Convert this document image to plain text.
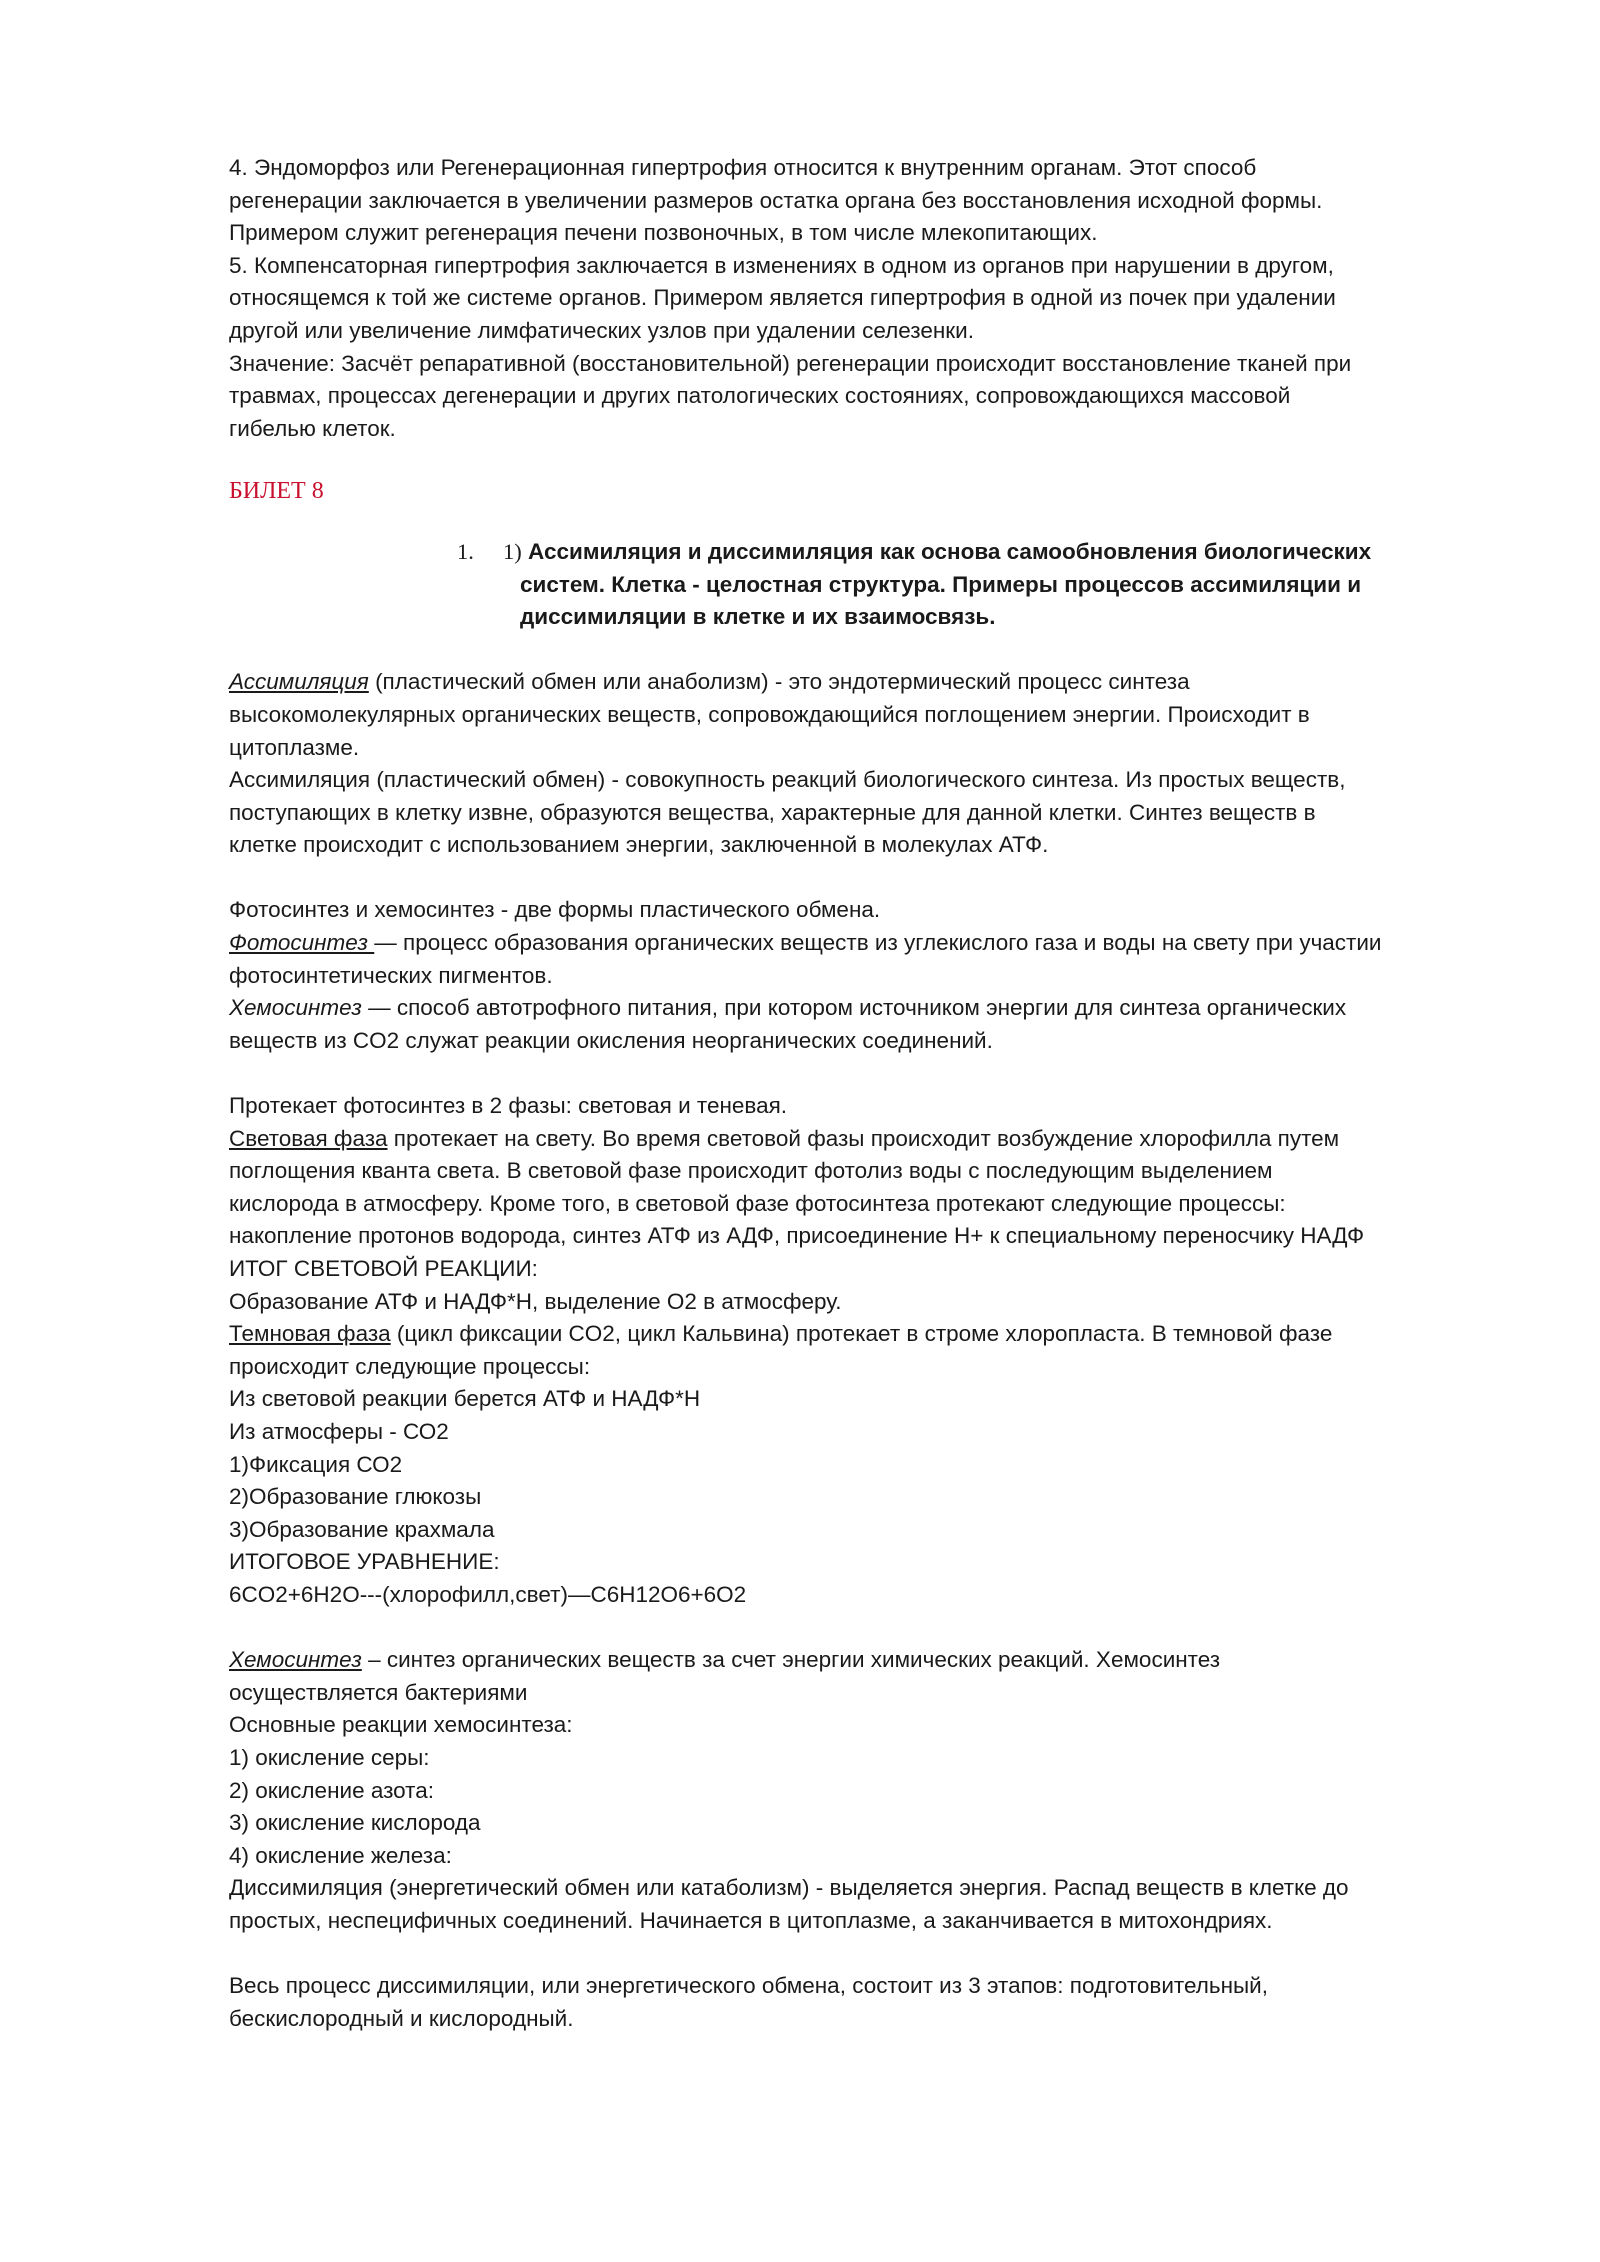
4. Эндоморфоз или Регенерационная гипертрофия относится к внутренним органам. Этот способ
регенерации заключается в увеличении размеров остатка органа без восстановления исходной формы.
Примером служит регенерация печени позвоночных, в том числе млекопитающих.
5. Компенсаторная гипертрофия заключается в изменениях в одном из органов при нарушении в другом,
относящемся к той же системе органов. Примером является гипертрофия в одной из почек при удалении
другой или увеличение лимфатических узлов при удалении селезенки.
Значение: Засчёт репаративной (восстановительной) регенерации происходит восстановление тканей при
травмах, процессах дегенерации и других патологических состояниях, сопровождающихся массовой
гибелью клеток.
БИЛЕТ 8
1.	1) Ассимиляция и диссимиляция как основа самообновления биологических
систем. Клетка - целостная структура. Примеры процессов ассимиляции и
диссимиляции в клетке и их взаимосвязь.
Ассимиляция (пластический обмен или анаболизм) - это эндотермический процесс синтеза
высокомолекулярных органических веществ, сопровождающийся поглощением энергии. Происходит в
цитоплазме.
Ассимиляция (пластический обмен) - совокупность реакций биологического синтеза. Из простых веществ,
поступающих в клетку извне, образуются вещества, характерные для данной клетки. Синтез веществ в
клетке происходит с использованием энергии, заключенной в молекулах АТФ.
Фотосинтез и хемосинтез - две формы пластического обмена.
Фотосинтез — процесс образования органических веществ из углекислого газа и воды на свету при участии
фотосинтетических пигментов.
Хемосинтез — способ автотрофного питания, при котором источником энергии для синтеза органических
веществ из CO2 служат реакции окисления неорганических соединений.
Протекает фотосинтез в 2 фазы: световая и теневая.
Световая фаза протекает на свету. Во время световой фазы происходит возбуждение хлорофилла путем
поглощения кванта света. В световой фазе происходит фотолиз воды с последующим выделением
кислорода в атмосферу. Кроме того, в световой фазе фотосинтеза протекают следующие процессы:
накопление протонов водорода, синтез АТФ из АДФ, присоединение Н+ к специальному переносчику НАДФ
ИТОГ СВЕТОВОЙ РЕАКЦИИ:
Образование АТФ и НАДФ*Н, выделение О2 в атмосферу.
Темновая фаза (цикл фиксации CO2, цикл Кальвина) протекает в строме хлоропласта. В темновой фазе
происходит следующие процессы:
Из световой реакции берется АТФ и НАДФ*Н
Из атмосферы - СО2
1)Фиксация СО2
2)Образование глюкозы
3)Образование крахмала
ИТОГОВОЕ УРАВНЕНИЕ:
6CO2+6H2O---(хлорофилл,свет)—C6H12O6+6O2
Хемосинтез – синтез органических веществ за счет энергии химических реакций. Хемосинтез
осуществляется бактериями
Основные реакции хемосинтеза:
1) окисление серы:
2) окисление азота:
3) окисление кислорода
4) окисление железа:
Диссимиляция (энергетический обмен или катаболизм) - выделяется энергия. Распад веществ в клетке до
простых, неспецифичных соединений. Начинается в цитоплазме, а заканчивается в митохондриях.
Весь процесс диссимиляции, или энергетического обмена, состоит из 3 этапов: подготовительный,
бескислородный и кислородный.
